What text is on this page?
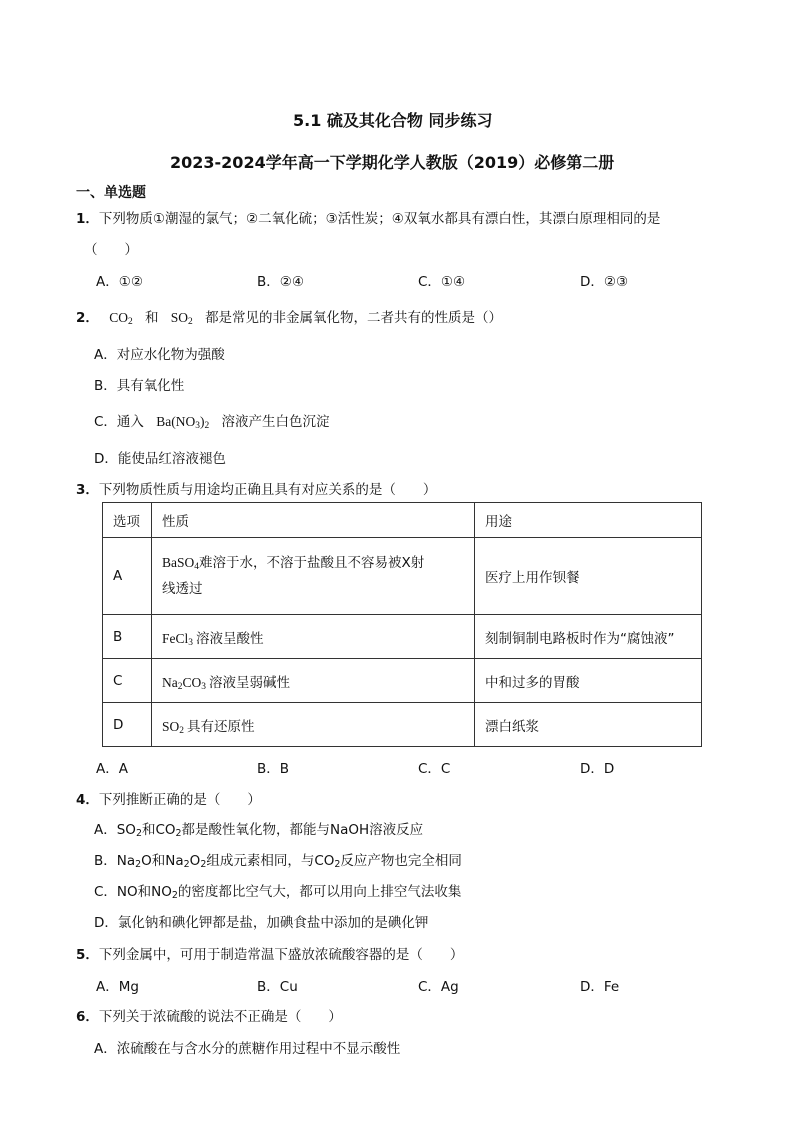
5.1 硫及其化合物 同步练习
2023-2024学年高一下学期化学人教版（2019）必修第二册
一、单选题
1．下列物质①潮湿的氯气；②二氧化硫；③活性炭；④双氧水都具有漂白性，其漂白原理相同的是
（　　）
A．①②	B．②④	C．①④	D．②③
2． $CO_2$ 和 $SO_2$ 都是常见的非金属氧化物，二者共有的性质是（）
A．对应水化物为强酸
B．具有氧化性
C．通入 $Ba(NO_3)_2$ 溶液产生白色沉淀
D．能使品红溶液褪色
3．下列物质性质与用途均正确且具有对应关系的是（　　）
选项	性质	用途
A	BaSO$_4$难溶于水，不溶于盐酸且不容易被X射
线透过	医疗上用作钡餐
B	FeCl$_3$ 溶液呈酸性	刻制铜制电路板时作为“腐蚀液”
C	$Na_2CO_3$ 溶液呈弱碱性	中和过多的胃酸
D	$SO_2$ 具有还原性	漂白纸浆
A．A	B．B	C．C	D．D
4．下列推断正确的是（　　）
A．$SO_2$和$CO_2$都是酸性氧化物，都能与NaOH溶液反应
B．$Na_2O$和$Na_2O_2$组成元素相同，与$CO_2$反应产物也完全相同
C．NO和$NO_2$的密度都比空气大，都可以用向上排空气法收集
D．氯化钠和碘化钾都是盐，加碘食盐中添加的是碘化钾
5．下列金属中，可用于制造常温下盛放浓硫酸容器的是（　　）
A．Mg	B．Cu	C．Ag	D．Fe
6．下列关于浓硫酸的说法不正确是（　　）
A．浓硫酸在与含水分的蔗糖作用过程中不显示酸性
